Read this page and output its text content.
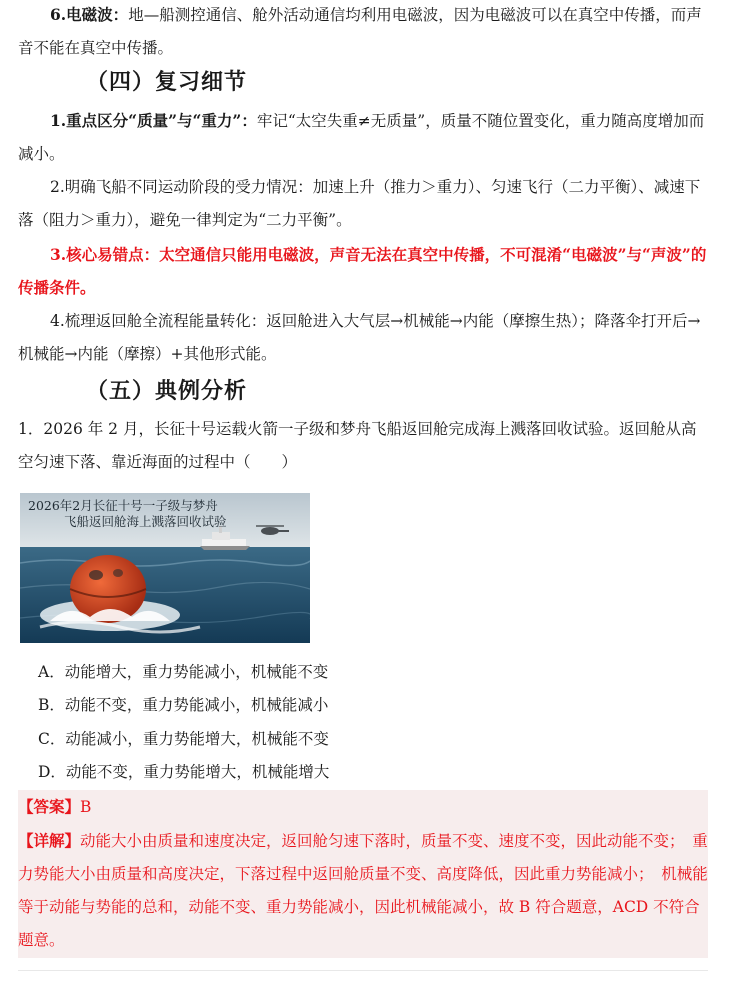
6.电磁波：地—船测控通信、舱外活动通信均利用电磁波，因为电磁波可以在真空中传播，而声音不能在真空中传播。

（四）复习细节

1.重点区分“质量”与“重力”：牢记“太空失重≠无质量”，质量不随位置变化，重力随高度增加而减小。

2.明确飞船不同运动阶段的受力情况：加速上升（推力＞重力）、匀速飞行（二力平衡）、减速下落（阻力＞重力），避免一律判定为“二力平衡”。

3.核心易错点：太空通信只能用电磁波，声音无法在真空中传播，不可混淆“电磁波”与“声波”的传播条件。

4.梳理返回舱全流程能量转化：返回舱进入大气层→机械能→内能（摩擦生热）；降落伞打开后→机械能→内能（摩擦）+其他形式能。

（五）典例分析

1．2026 年 2 月，长征十号运载火箭一子级和梦舟飞船返回舱完成海上溅落回收试验。返回舱从高空匀速下落、靠近海面的过程中（　　）

2026年2月长征十号一子级与梦舟
飞船返回舱海上溅落回收试验

A．动能增大，重力势能减小，机械能不变

B．动能不变，重力势能减小，机械能减小

C．动能减小，重力势能增大，机械能不变

D．动能不变，重力势能增大，机械能增大

【答案】B

【详解】动能大小由质量和速度决定，返回舱匀速下落时，质量不变、速度不变，因此动能不变；　重力势能大小由质量和高度决定，下落过程中返回舱质量不变、高度降低，因此重力势能减小；　机械能等于动能与势能的总和，动能不变、重力势能减小，因此机械能减小，故 B 符合题意，ACD 不符合题意。
